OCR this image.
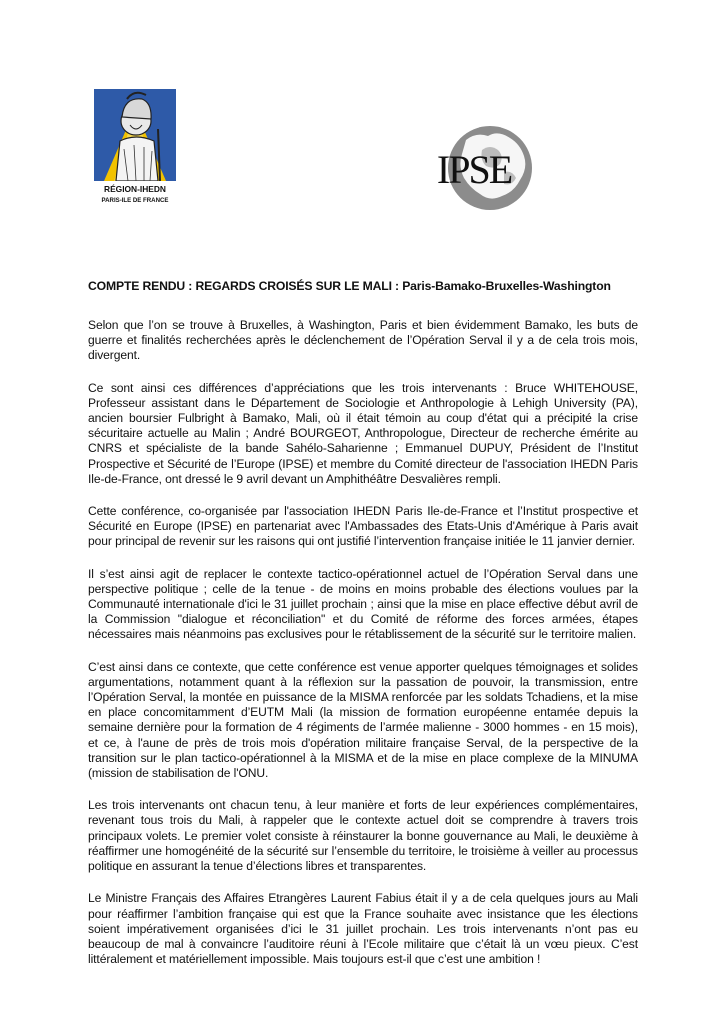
RÉGION-IHEDN
PARIS-ILE DE FRANCE
IPSE
COMPTE RENDU : REGARDS CROISÉS SUR LE MALI : Paris-Bamako-Bruxelles-Washington

Selon que l’on se trouve à Bruxelles, à Washington, Paris et bien évidemment Bamako, les buts de guerre et finalités recherchées après le déclenchement de l’Opération Serval il y a de cela trois mois, divergent.

Ce sont ainsi ces différences d’appréciations que les trois intervenants : Bruce WHITEHOUSE, Professeur assistant dans le Département de Sociologie et Anthropologie à Lehigh University (PA), ancien boursier Fulbright à Bamako, Mali, où il était témoin au coup d'état qui a précipité la crise sécuritaire actuelle au Malin ; André BOURGEOT, Anthropologue, Directeur de recherche émérite au CNRS et spécialiste de la bande Sahélo-Saharienne ; Emmanuel DUPUY, Président de l’Institut Prospective et Sécurité de l’Europe (IPSE) et membre du Comité directeur de l'association IHEDN Paris Ile-de-France, ont dressé le 9 avril devant un Amphithéâtre Desvalières rempli.

Cette conférence, co-organisée par l'association IHEDN Paris Ile-de-France et l’Institut prospective et Sécurité en Europe (IPSE) en partenariat avec l'Ambassades des Etats-Unis d'Amérique à Paris avait pour principal de revenir sur les raisons qui ont justifié l’intervention française initiée le 11 janvier dernier.

Il s’est ainsi agit de replacer le contexte tactico-opérationnel actuel de l’Opération Serval dans une perspective politique ; celle de la tenue - de moins en moins probable des élections voulues par la Communauté internationale d'ici le 31 juillet prochain ; ainsi que la mise en place effective début avril de la Commission "dialogue et réconciliation" et du Comité de réforme des forces armées, étapes nécessaires mais néanmoins pas exclusives pour le rétablissement de la sécurité sur le territoire malien.

C’est ainsi dans ce contexte, que cette conférence est venue apporter quelques témoignages et solides argumentations, notamment quant à la réflexion sur la passation de pouvoir, la transmission, entre l’Opération Serval, la montée en puissance de la MISMA renforcée par les soldats Tchadiens, et la mise en place concomitamment d’EUTM Mali (la mission de formation européenne entamée depuis la semaine dernière pour la formation de 4 régiments de l’armée malienne - 3000 hommes - en 15 mois), et ce, à l'aune de près de trois mois d'opération militaire française Serval, de la perspective de la transition sur le plan tactico-opérationnel à la MISMA et de la mise en place complexe de la MINUMA (mission de stabilisation de l'ONU.

Les trois intervenants ont chacun tenu, à leur manière et forts de leur expériences complémentaires, revenant tous trois du Mali, à rappeler que le contexte actuel doit se comprendre à travers trois principaux volets. Le premier volet consiste à réinstaurer la bonne gouvernance au Mali, le deuxième à réaffirmer une homogénéité de la sécurité sur l’ensemble du territoire, le troisième à veiller au processus politique en assurant la tenue d’élections libres et transparentes.

Le Ministre Français des Affaires Etrangères Laurent Fabius était il y a de cela quelques jours au Mali pour réaffirmer l’ambition française qui est que la France souhaite avec insistance que les élections soient impérativement organisées d’ici le 31 juillet prochain. Les trois intervenants n’ont pas eu beaucoup de mal à convaincre l’auditoire réuni à l’Ecole militaire que c’était là un vœu pieux. C’est littéralement et matériellement impossible. Mais toujours est-il que c’est une ambition !
